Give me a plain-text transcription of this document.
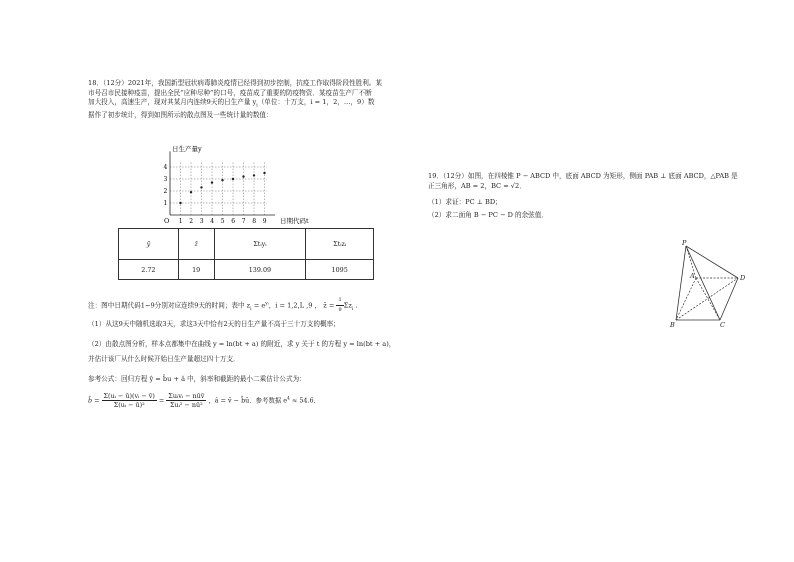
18．（12分）2021年，我国新型冠状病毒肺炎疫情已经得到初步控制，抗疫工作取得阶段性胜利。某
市号召市民接种疫苗，提出全民“应种尽种”的口号，疫苗成了重要的防疫物资．某疫苗生产厂不断
加大投入，高速生产，现对其某月内连续9天的日生产量 $y_i$（单位：十万支，i = 1，2，…，9）数
据作了初步统计，得到如图所示的散点图及一些统计量的数值：

1 2 3 4 5 6 7 8 9
1
2
3
4
日生产量y
日期代码t
O
ȳ	z̄	Σtᵢyᵢ	Σtᵢzᵢ
2.72	19	139.09	1095
注：图中日期代码1~9分别对应连续9天的时间；表中 $z_i = e^{yᵢ}$，i = 1,2,L ,9 ， z̄ = $\frac{1}{9} \Sigma z_i$ .
（1）从这9天中随机选取3天，求这3天中恰有2天的日生产量不高于三十万支的概率；
（2）由散点图分析，样本点都集中在曲线 y = ln(bt + a) 的附近，求 y 关于 t 的方程 y = ln(bt + a)，
并估计该厂从什么时候开始日生产量超过四十万支．
参考公式：回归方程 ŷ = b̂u + â 中，斜率和截距的最小二乘估计公式为：
b̂ = $\frac{\text{Σ(uᵢ − ū)(vᵢ − v̄)}}{\text{Σ(uᵢ − ū)²}} = \frac{\text{Σuᵢvᵢ − nūv̄}}{\text{Σuᵢ² − nū²}}$ ，â = v̄ − b̂ū．参考数据 $e^4 \approx 54.6$．

19．（12分）如图，在四棱锥 P − ABCD 中，底面 ABCD 为矩形，侧面 PAB ⊥ 底面 ABCD，△PAB 是
正三角形，AB = 2，BC = √2．

（1）求证：PC ⊥ BD；

（2）求二面角 B − PC − D 的余弦值．

P
A
B	C
D
